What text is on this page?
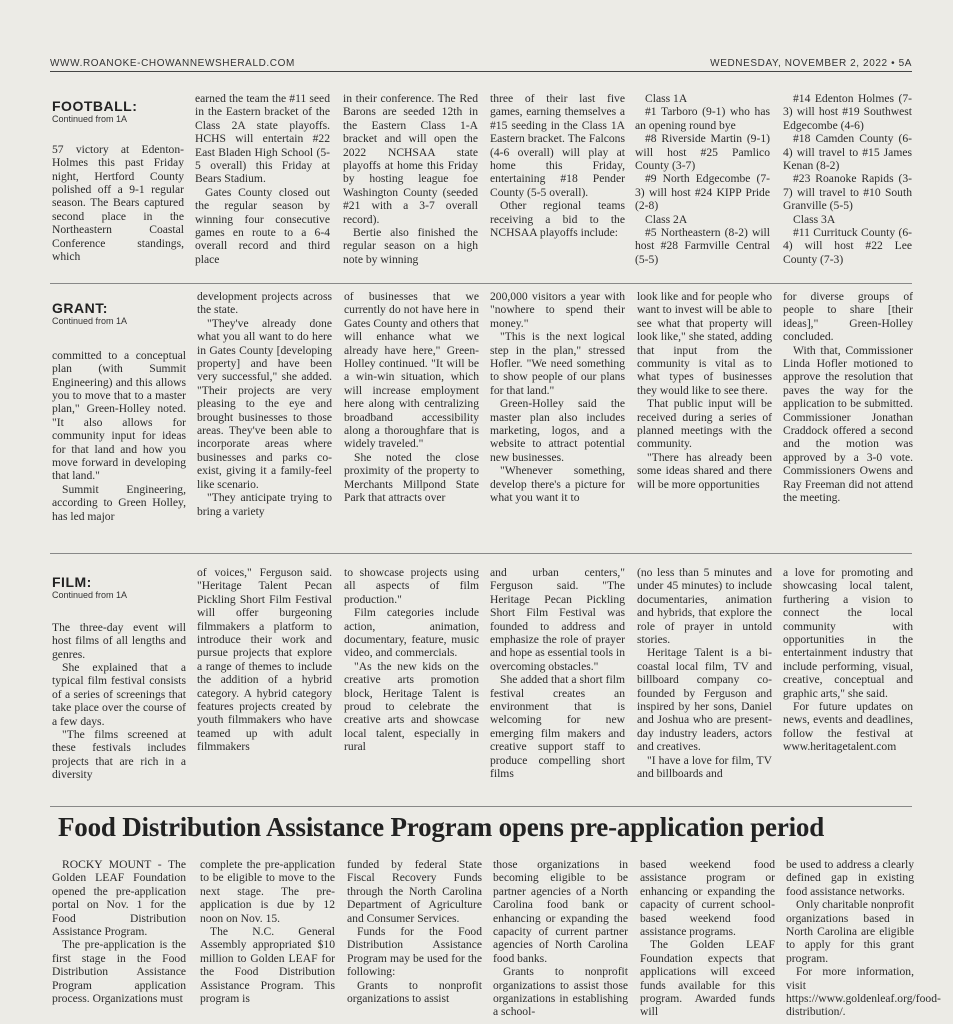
WWW.ROANOKE-CHOWANNEWSHERALD.COM	WEDNESDAY, NOVEMBER 2, 2022 • 5A
FOOTBALL:
Continued from 1A

57 victory at Edenton-Holmes this past Friday night, Hertford County polished off a 9-1 regular season. The Bears captured second place in the Northeastern Coastal Conference standings, which

earned the team the #11 seed in the Eastern bracket of the Class 2A state playoffs. HCHS will entertain #22 East Bladen High School (5-5 overall) this Friday at Bears Stadium.

Gates County closed out the regular season by winning four consecutive games en route to a 6-4 overall record and third place

in their conference. The Red Barons are seeded 12th in the Eastern Class 1-A bracket and will open the 2022 NCHSAA state playoffs at home this Friday by hosting league foe Washington County (seeded #21 with a 3-7 overall record).

Bertie also finished the regular season on a high note by winning

three of their last five games, earning themselves a #15 seeding in the Class 1A Eastern bracket. The Falcons (4-6 overall) will play at home this Friday, entertaining #18 Pender County (5-5 overall).

Other regional teams receiving a bid to the NCHSAA playoffs include:

Class 1A

#1 Tarboro (9-1) who has an opening round bye

#8 Riverside Martin (9-1) will host #25 Pamlico County (3-7)

#9 North Edgecombe (7-3) will host #24 KIPP Pride (2-8)

Class 2A

#5 Northeastern (8-2) will host #28 Farmville Central (5-5)

#14 Edenton Holmes (7-3) will host #19 Southwest Edgecombe (4-6)

#18 Camden County (6-4) will travel to #15 James Kenan (8-2)

#23 Roanoke Rapids (3-7) will travel to #10 South Granville (5-5)

Class 3A

#11 Currituck County (6-4) will host #22 Lee County (7-3)

GRANT:
Continued from 1A

committed to a conceptual plan (with Summit Engineering) and this allows you to move that to a master plan," Green-Holley noted. "It also allows for community input for ideas for that land and how you move forward in developing that land."

Summit Engineering, according to Green Holley, has led major

development projects across the state.

"They've already done what you all want to do here in Gates County [developing property] and have been very successful," she added. "Their projects are very pleasing to the eye and brought businesses to those areas. They've been able to incorporate areas where businesses and parks co-exist, giving it a family-feel like scenario.

"They anticipate trying to bring a variety

of businesses that we currently do not have here in Gates County and others that will enhance what we already have here," Green-Holley continued. "It will be a win-win situation, which will increase employment here along with centralizing broadband accessibility along a thoroughfare that is widely traveled."

She noted the close proximity of the property to Merchants Millpond State Park that attracts over

200,000 visitors a year with "nowhere to spend their money."

"This is the next logical step in the plan," stressed Hofler. "We need something to show people of our plans for that land."

Green-Holley said the master plan also includes marketing, logos, and a website to attract potential new businesses.

"Whenever something, develop there's a picture for what you want it to

look like and for people who want to invest will be able to see what that property will look like," she stated, adding that input from the community is vital as to what types of businesses they would like to see there.

That public input will be received during a series of planned meetings with the community.

"There has already been some ideas shared and there will be more opportunities

for diverse groups of people to share [their ideas]," Green-Holley concluded.

With that, Commissioner Linda Hofler motioned to approve the resolution that paves the way for the application to be submitted. Commissioner Jonathan Craddock offered a second and the motion was approved by a 3-0 vote. Commissioners Owens and Ray Freeman did not attend the meeting.

FILM:
Continued from 1A

The three-day event will host films of all lengths and genres.

She explained that a typical film festival consists of a series of screenings that take place over the course of a few days.

"The films screened at these festivals includes projects that are rich in a diversity

of voices," Ferguson said. "Heritage Talent Pecan Pickling Short Film Festival will offer burgeoning filmmakers a platform to introduce their work and pursue projects that explore a range of themes to include the addition of a hybrid category. A hybrid category features projects created by youth filmmakers who have teamed up with adult filmmakers

to showcase projects using all aspects of film production."

Film categories include action, animation, documentary, feature, music video, and commercials.

"As the new kids on the creative arts promotion block, Heritage Talent is proud to celebrate the creative arts and showcase local talent, especially in rural

and urban centers," Ferguson said. "The Heritage Pecan Pickling Short Film Festival was founded to address and emphasize the role of prayer and hope as essential tools in overcoming obstacles."

She added that a short film festival creates an environment that is welcoming for new emerging film makers and creative support staff to produce compelling short films

(no less than 5 minutes and under 45 minutes) to include documentaries, animation and hybrids, that explore the role of prayer in untold stories.

Heritage Talent is a bi-coastal local film, TV and billboard company co-founded by Ferguson and inspired by her sons, Daniel and Joshua who are present-day industry leaders, actors and creatives.

"I have a love for film, TV and billboards and

a love for promoting and showcasing local talent, furthering a vision to connect the local community with opportunities in the entertainment industry that include performing, visual, creative, conceptual and graphic arts," she said.

For future updates on news, events and deadlines, follow the festival at www.heritagetalent.com

Food Distribution Assistance Program opens pre-application period

ROCKY MOUNT - The Golden LEAF Foundation opened the pre-application portal on Nov. 1 for the Food Distribution Assistance Program.

The pre-application is the first stage in the Food Distribution Assistance Program application process. Organizations must

complete the pre-application to be eligible to move to the next stage. The pre-application is due by 12 noon on Nov. 15.

The N.C. General Assembly appropriated $10 million to Golden LEAF for the Food Distribution Assistance Program. This program is

funded by federal State Fiscal Recovery Funds through the North Carolina Department of Agriculture and Consumer Services.

Funds for the Food Distribution Assistance Program may be used for the following:

Grants to nonprofit organizations to assist

those organizations in becoming eligible to be partner agencies of a North Carolina food bank or enhancing or expanding the capacity of current partner agencies of North Carolina food banks.

Grants to nonprofit organizations to assist those organizations in establishing a school-

based weekend food assistance program or enhancing or expanding the capacity of current school-based weekend food assistance programs.

The Golden LEAF Foundation expects that applications will exceed funds available for this program. Awarded funds will

be used to address a clearly defined gap in existing food assistance networks.

Only charitable nonprofit organizations based in North Carolina are eligible to apply for this grant program.

For more information, visit https://www.goldenleaf.org/food-distribution/.
